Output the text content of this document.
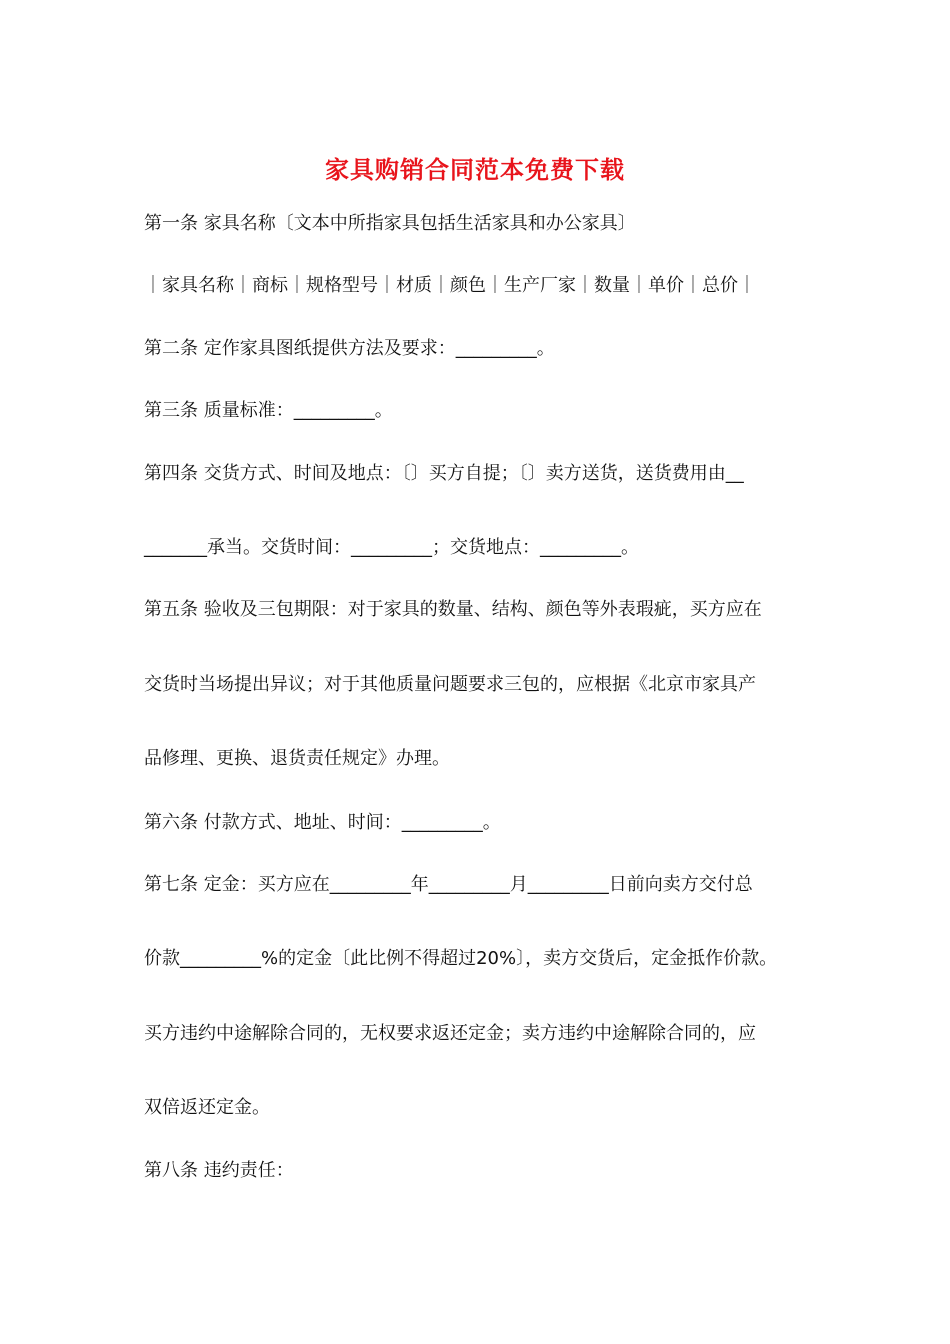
家具购销合同范本免费下载
第一条 家具名称〔文本中所指家具包括生活家具和办公家具〕
｜家具名称｜商标｜规格型号｜材质｜颜色｜生产厂家｜数量｜单价｜总价｜
第二条 定作家具图纸提供方法及要求：_________。
第三条 质量标准：_________。
第四条 交货方式、时间及地点：〔〕买方自提；〔〕卖方送货，送货费用由__
_______承当。交货时间：_________；交货地点：_________。
第五条 验收及三包期限：对于家具的数量、结构、颜色等外表瑕疵，买方应在
交货时当场提出异议；对于其他质量问题要求三包的，应根据《北京市家具产
品修理、更换、退货责任规定》办理。
第六条 付款方式、地址、时间：_________。
第七条 定金：买方应在_________年_________月_________日前向卖方交付总
价款_________%的定金〔此比例不得超过20%〕，卖方交货后，定金抵作价款。
买方违约中途解除合同的，无权要求返还定金；卖方违约中途解除合同的，应
双倍返还定金。
第八条 违约责任：
